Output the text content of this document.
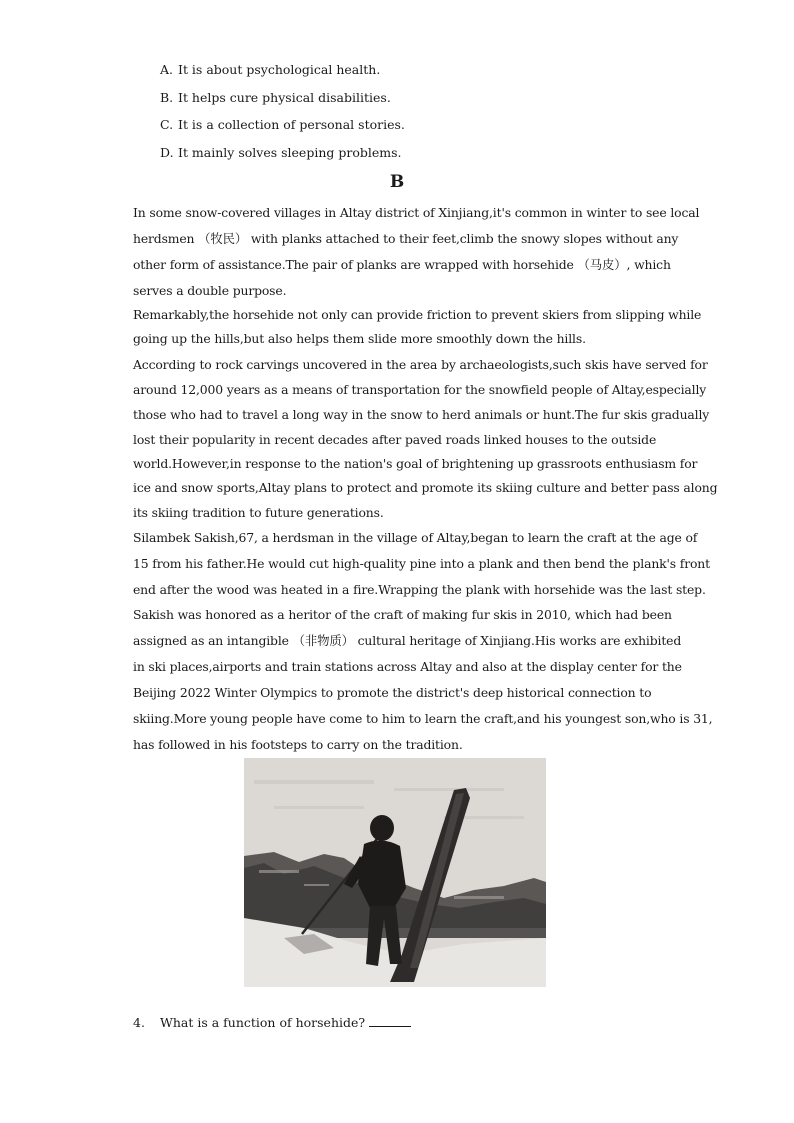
A. It is about psychological health.
B. It helps cure physical disabilities.
C. It is a collection of personal stories.
D. It mainly solves sleeping problems.
B
In some snow-covered villages in Altay district of Xinjiang,it's common in winter to see local
herdsmen （牧民） with planks attached to their feet,climb the snowy slopes without any
other form of assistance.The pair of planks are wrapped with horsehide （马皮）, which
serves a double purpose.
Remarkably,the horsehide not only can provide friction to prevent skiers from slipping while
going up the hills,but also helps them slide more smoothly down the hills.
According to rock carvings uncovered in the area by archaeologists,such skis have served for
around 12,000 years as a means of transportation for the snowfield people of Altay,especially
those who had to travel a long way in the snow to herd animals or hunt.The fur skis gradually
lost their popularity in recent decades after paved roads linked houses to the outside
world.However,in response to the nation's goal of brightening up grassroots enthusiasm for
ice and snow sports,Altay plans to protect and promote its skiing culture and better pass along
its skiing tradition to future generations.
Silambek Sakish,67, a herdsman in the village of Altay,began to learn the craft at the age of
15 from his father.He would cut high-quality pine into a plank and then bend the plank's front
end after the wood was heated in a fire.Wrapping the plank with horsehide was the last step.
Sakish was honored as a heritor of the craft of making fur skis in 2010, which had been
assigned as an intangible （非物质） cultural heritage of Xinjiang.His works are exhibited
in ski places,airports and train stations across Altay and also at the display center for the
Beijing 2022 Winter Olympics to promote the district's deep historical connection to
skiing.More young people have come to him to learn the craft,and his youngest son,who is 31,
has followed in his footsteps to carry on the tradition.
4. What is a function of horsehide?
